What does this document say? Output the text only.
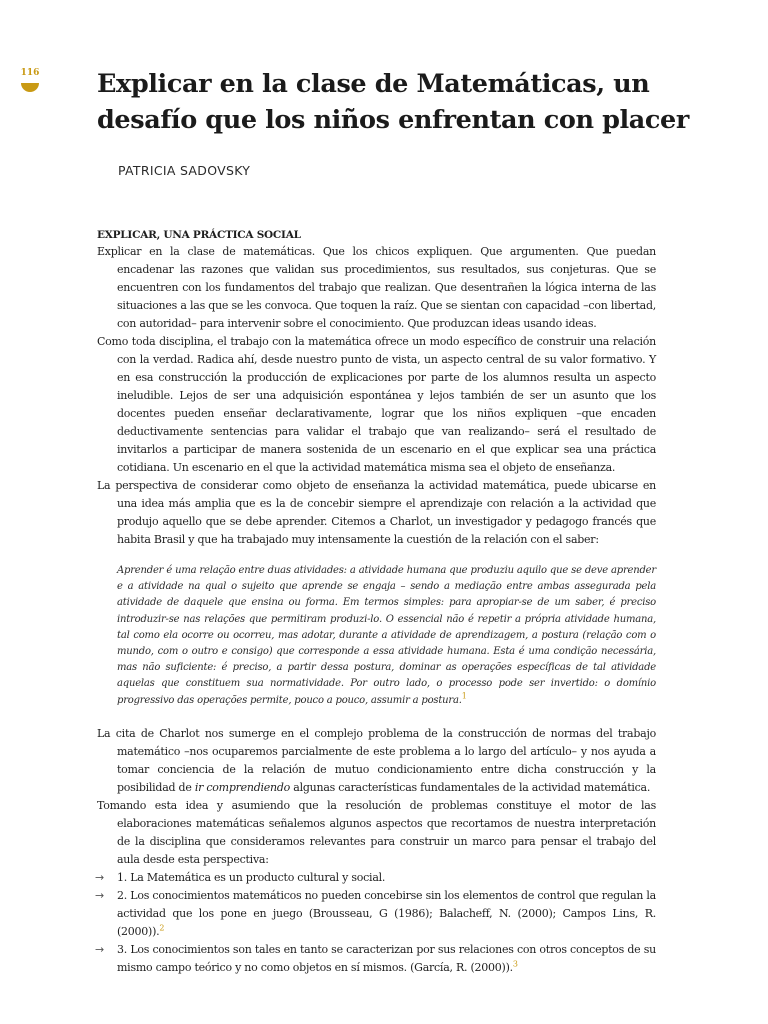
116 Explicar en la clase de Matemáticas, un desafío que los niños enfrentan con placer
PATRICIA SADOVSKY

EXPLICAR, UNA PRÁCTICA SOCIAL

Explicar en la clase de matemáticas. Que los chicos expliquen. Que argumenten. Que puedan encadenar las razones que validan sus procedimientos, sus resultados, sus conjeturas. Que se encuentren con los fundamentos del trabajo que realizan. Que desentrañen la lógica interna de las situaciones a las que se les convoca. Que toquen la raíz. Que se sientan con capacidad –con libertad, con autoridad– para intervenir sobre el conocimiento. Que produzcan ideas usando ideas.

Como toda disciplina, el trabajo con la matemática ofrece un modo específico de construir una relación con la verdad. Radica ahí, desde nuestro punto de vista, un aspecto central de su valor formativo. Y en esa construcción la producción de explicaciones por parte de los alumnos resulta un aspecto ineludible. Lejos de ser una adquisición espontánea y lejos también de ser un asunto que los docentes pueden enseñar declarativamente, lograr que los niños expliquen –que encaden deductivamente sentencias para validar el trabajo que van realizando– será el resultado de invitarlos a participar de manera sostenida de un escenario en el que explicar sea una práctica cotidiana. Un escenario en el que la actividad matemática misma sea el objeto de enseñanza.

La perspectiva de considerar como objeto de enseñanza la actividad matemática, puede ubicarse en una idea más amplia que es la de concebir siempre el aprendizaje con relación a la actividad que produjo aquello que se debe aprender. Citemos a Charlot, un investigador y pedagogo francés que habita Brasil y que ha trabajado muy intensamente la cuestión de la relación con el saber:

Aprender é uma relação entre duas atividades: a atividade humana que produziu aquilo que se deve aprender e a atividade na qual o sujeito que aprende se engaja – sendo a mediação entre ambas assegurada pela atividade de daquele que ensina ou forma. Em termos simples: para apropiar-se de um saber, é preciso introduzir-se nas relações que permitiram produzi-lo. O essencial não é repetir a própria atividade humana, tal como ela ocorre ou ocorreu, mas adotar, durante a atividade de aprendizagem, a postura (relação com o mundo, com o outro e consigo) que corresponde a essa atividade humana. Esta é uma condição necessária, mas não suficiente: é preciso, a partir dessa postura, dominar as operações específicas de tal atividade aquelas que constituem sua normatividade. Por outro lado, o processo pode ser invertido: o domínio progressivo das operações permite, pouco a pouco, assumir a postura.$^1$

La cita de Charlot nos sumerge en el complejo problema de la construcción de normas del trabajo matemático –nos ocuparemos parcialmente de este problema a lo largo del artículo– y nos ayuda a tomar conciencia de la relación de mutuo condicionamiento entre dicha construcción y la posibilidad de ir comprendiendo algunas características fundamentales de la actividad matemática.

Tomando esta idea y asumiendo que la resolución de problemas constituye el motor de las elaboraciones matemáticas señalemos algunos aspectos que recortamos de nuestra interpretación de la disciplina que consideramos relevantes para construir un marco para pensar el trabajo del aula desde esta perspectiva:

→ 1. La Matemática es un producto cultural y social.
→ 2. Los conocimientos matemáticos no pueden concebirse sin los elementos de control que regulan la actividad que los pone en juego (Brousseau, G (1986); Balacheff, N. (2000); Campos Lins, R. (2000)).$^2$
→ 3. Los conocimientos son tales en tanto se caracterizan por sus relaciones con otros conceptos de su mismo campo teórico y no como objetos en sí mismos. (García, R. (2000)).$^3$
